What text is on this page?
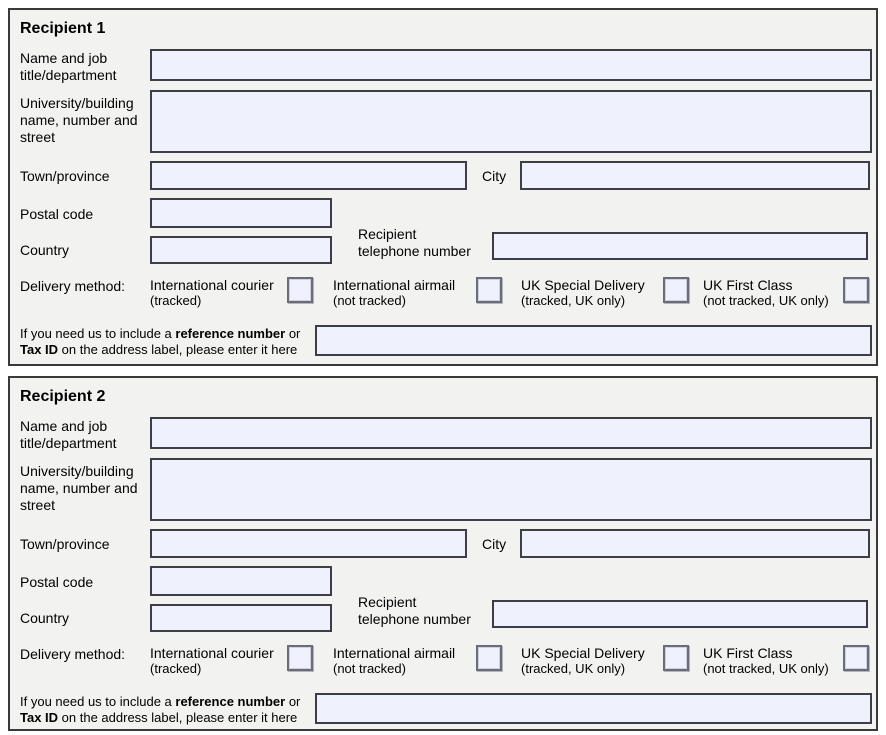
Recipient 1
Name and job title/department
University/building name, number and street
Town/province	City
Postal code
Country
Recipient
telephone number
Delivery method: International courier
(tracked)
International airmail
(not tracked)
UK Special Delivery
(tracked, UK only)
UK First Class
(not tracked, UK only)
If you need us to include a reference number or
Tax ID on the address label, please enter it here
Recipient 2
Name and job title/department
University/building name, number and street
Town/province	City
Postal code
Country
Recipient
telephone number
Delivery method: International courier
(tracked)
International airmail
(not tracked)
UK Special Delivery
(tracked, UK only)
UK First Class
(not tracked, UK only)
If you need us to include a reference number or
Tax ID on the address label, please enter it here
